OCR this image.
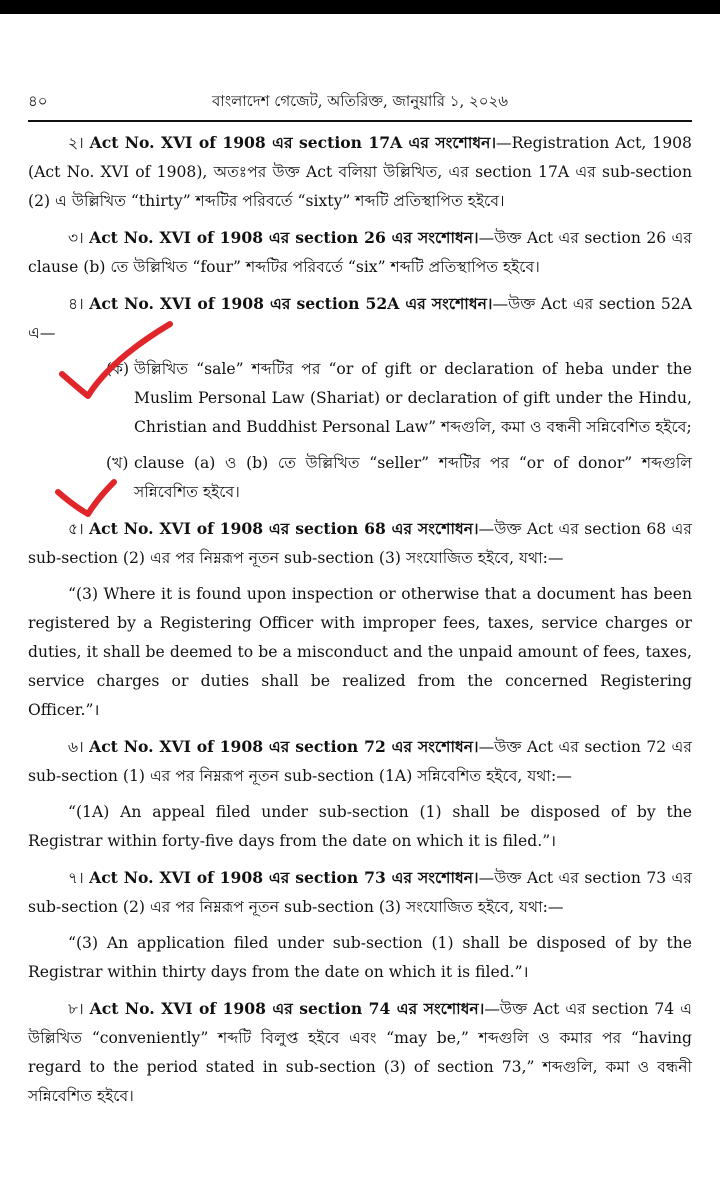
৪০	বাংলাদেশ গেজেট, অতিরিক্ত, জানুয়ারি ১, ২০২৬

২। Act No. XVI of 1908 এর section 17A এর সংশোধন।—Registration Act, 1908 (Act No. XVI of 1908), অতঃপর উক্ত Act বলিয়া উল্লিখিত, এর section 17A এর sub-section (2) এ উল্লিখিত “thirty” শব্দটির পরিবর্তে “sixty” শব্দটি প্রতিস্থাপিত হইবে।

৩। Act No. XVI of 1908 এর section 26 এর সংশোধন।—উক্ত Act এর section 26 এর clause (b) তে উল্লিখিত “four” শব্দটির পরিবর্তে “six” শব্দটি প্রতিস্থাপিত হইবে।

৪। Act No. XVI of 1908 এর section 52A এর সংশোধন।—উক্ত Act এর section 52A এ—

(ক) উল্লিখিত “sale” শব্দটির পর “or of gift or declaration of heba under the Muslim Personal Law (Shariat) or declaration of gift under the Hindu, Christian and Buddhist Personal Law” শব্দগুলি, কমা ও বন্ধনী সন্নিবেশিত হইবে;

(খ) clause (a) ও (b) তে উল্লিখিত “seller” শব্দটির পর “or of donor” শব্দগুলি সন্নিবেশিত হইবে।

৫। Act No. XVI of 1908 এর section 68 এর সংশোধন।—উক্ত Act এর section 68 এর sub-section (2) এর পর নিম্নরূপ নূতন sub-section (3) সংযোজিত হইবে, যথা:—

“(3) Where it is found upon inspection or otherwise that a document has been registered by a Registering Officer with improper fees, taxes, service charges or duties, it shall be deemed to be a misconduct and the unpaid amount of fees, taxes, service charges or duties shall be realized from the concerned Registering Officer.”।

৬। Act No. XVI of 1908 এর section 72 এর সংশোধন।—উক্ত Act এর section 72 এর sub-section (1) এর পর নিম্নরূপ নূতন sub-section (1A) সন্নিবেশিত হইবে, যথা:—

“(1A) An appeal filed under sub-section (1) shall be disposed of by the Registrar within forty-five days from the date on which it is filed.”।

৭। Act No. XVI of 1908 এর section 73 এর সংশোধন।—উক্ত Act এর section 73 এর sub-section (2) এর পর নিম্নরূপ নূতন sub-section (3) সংযোজিত হইবে, যথা:—

“(3) An application filed under sub-section (1) shall be disposed of by the Registrar within thirty days from the date on which it is filed.”।

৮। Act No. XVI of 1908 এর section 74 এর সংশোধন।—উক্ত Act এর section 74 এ উল্লিখিত “conveniently” শব্দটি বিলুপ্ত হইবে এবং “may be,” শব্দগুলি ও কমার পর “having regard to the period stated in sub-section (3) of section 73,” শব্দগুলি, কমা ও বন্ধনী সন্নিবেশিত হইবে।
